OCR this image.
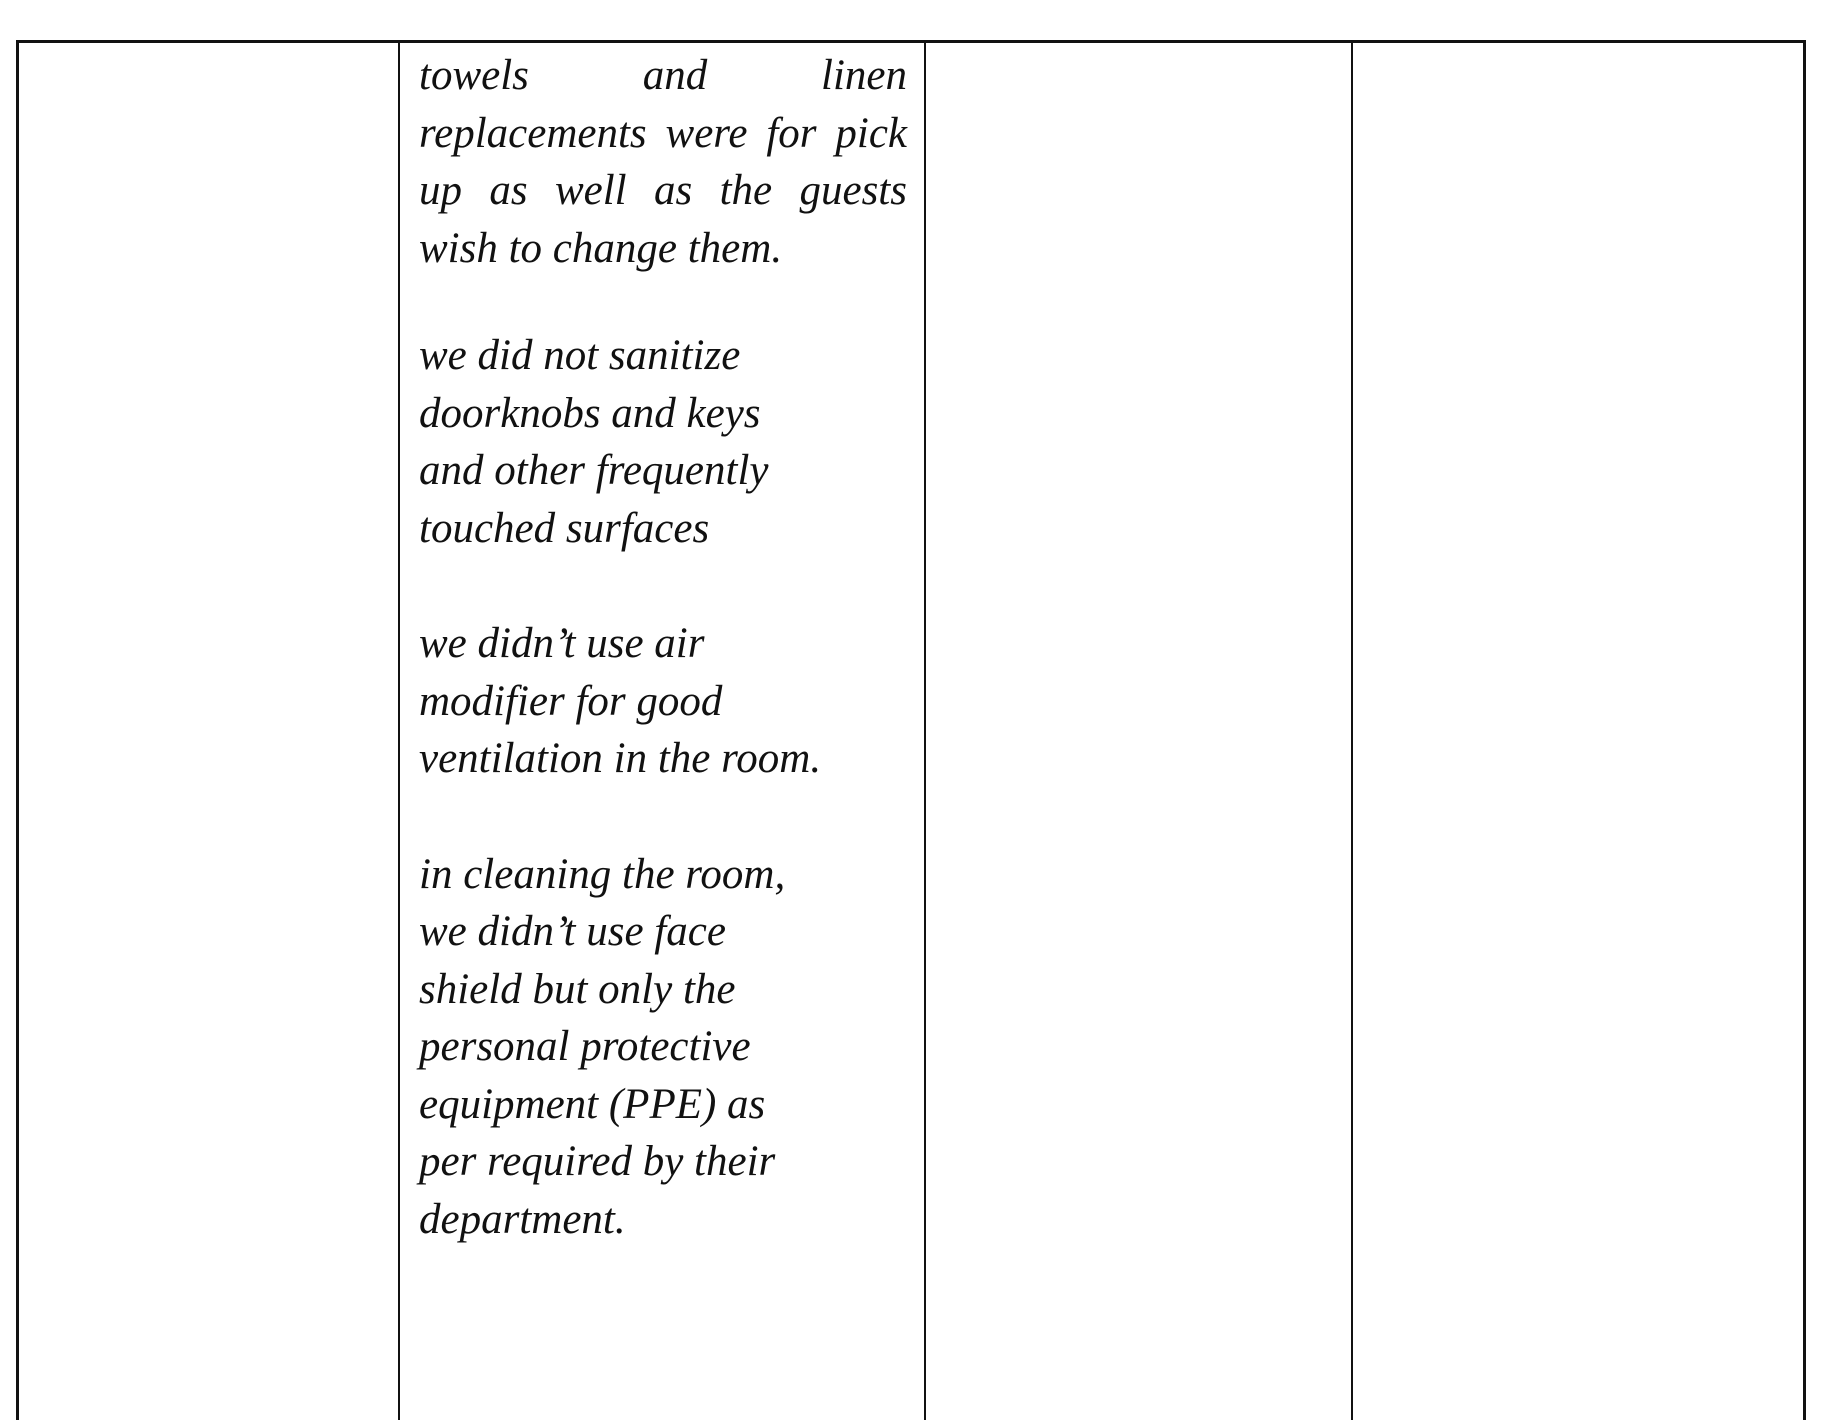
towels and linen
replacements were for pick up as well as the guests wish to change them.

we did not sanitize
doorknobs and keys
and other frequently
touched surfaces

we didn’t use air
modifier for good
ventilation in the room.

in cleaning the room,
we didn’t use face
shield but only the
personal protective
equipment (PPE) as
per required by their
department.
